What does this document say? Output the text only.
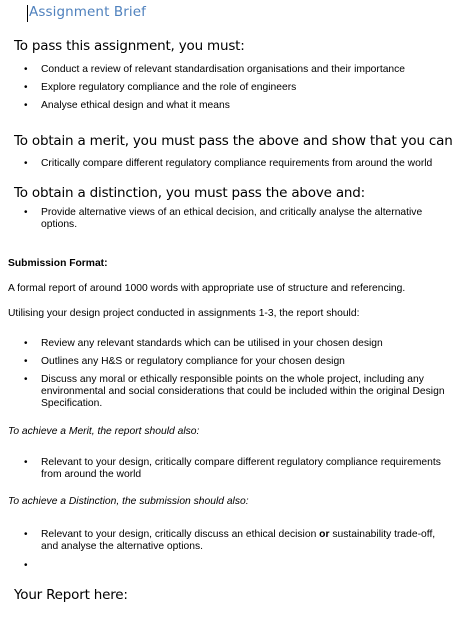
Assignment Brief
To pass this assignment, you must:
• Conduct a review of relevant standardisation organisations and their importance
• Explore regulatory compliance and the role of engineers
• Analyse ethical design and what it means
To obtain a merit, you must pass the above and show that you can
• Critically compare different regulatory compliance requirements from around the world
To obtain a distinction, you must pass the above and:
• Provide alternative views of an ethical decision, and critically analyse the alternative options.
Submission Format:
A formal report of around 1000 words with appropriate use of structure and referencing.
Utilising your design project conducted in assignments 1-3, the report should:
• Review any relevant standards which can be utilised in your chosen design
• Outlines any H&S or regulatory compliance for your chosen design
• Discuss any moral or ethically responsible points on the whole project, including any environmental and social considerations that could be included within the original Design Specification.
To achieve a Merit, the report should also:
• Relevant to your design, critically compare different regulatory compliance requirements from around the world
To achieve a Distinction, the submission should also:
• Relevant to your design, critically discuss an ethical decision or sustainability trade-off, and analyse the alternative options.
•
Your Report here:
